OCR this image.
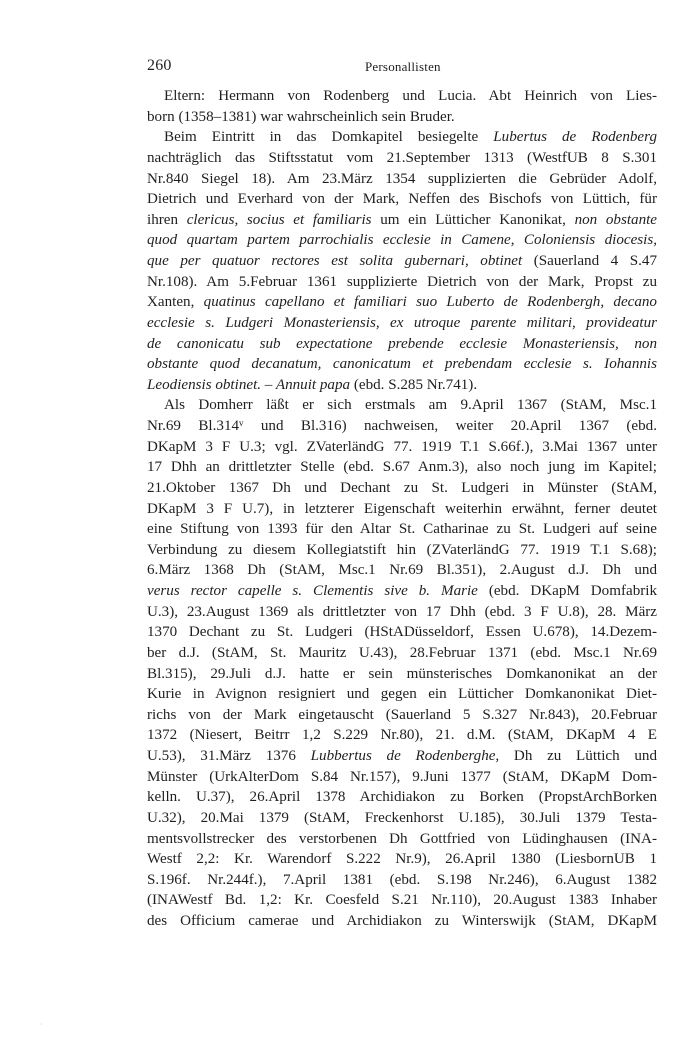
260	Personallisten
Eltern: Hermann von Rodenberg und Lucia. Abt Heinrich von Lies-
born (1358–1381) war wahrscheinlich sein Bruder.
Beim Eintritt in das Domkapitel besiegelte Lubertus de Rodenberg
nachträglich das Stiftsstatut vom 21.September 1313 (WestfUB 8 S.301
Nr.840 Siegel 18). Am 23.März 1354 supplizierten die Gebrüder Adolf,
Dietrich und Everhard von der Mark, Neffen des Bischofs von Lüttich, für
ihren clericus, socius et familiaris um ein Lütticher Kanonikat, non obstante
quod quartam partem parrochialis ecclesie in Camene, Coloniensis diocesis,
que per quatuor rectores est solita gubernari, obtinet (Sauerland 4 S.47
Nr.108). Am 5.Februar 1361 supplizierte Dietrich von der Mark, Propst zu
Xanten, quatinus capellano et familiari suo Luberto de Rodenbergh, decano
ecclesie s. Ludgeri Monasteriensis, ex utroque parente militari, provideatur
de canonicatu sub expectatione prebende ecclesie Monasteriensis, non
obstante quod decanatum, canonicatum et prebendam ecclesie s. Iohannis
Leodiensis obtinet. – Annuit papa (ebd. S.285 Nr.741).
Als Domherr läßt er sich erstmals am 9.April 1367 (StAM, Msc.1
Nr.69 Bl.314ᵛ und Bl.316) nachweisen, weiter 20.April 1367 (ebd.
DKapM 3 F U.3; vgl. ZVaterländG 77. 1919 T.1 S.66f.), 3.Mai 1367 unter
17 Dhh an drittletzter Stelle (ebd. S.67 Anm.3), also noch jung im Kapitel;
21.Oktober 1367 Dh und Dechant zu St. Ludgeri in Münster (StAM,
DKapM 3 F U.7), in letzterer Eigenschaft weiterhin erwähnt, ferner deutet
eine Stiftung von 1393 für den Altar St. Catharinae zu St. Ludgeri auf seine
Verbindung zu diesem Kollegiatstift hin (ZVaterländG 77. 1919 T.1 S.68);
6.März 1368 Dh (StAM, Msc.1 Nr.69 Bl.351), 2.August d.J. Dh und
verus rector capelle s. Clementis sive b. Marie (ebd. DKapM Domfabrik
U.3), 23.August 1369 als drittletzter von 17 Dhh (ebd. 3 F U.8), 28. März
1370 Dechant zu St. Ludgeri (HStADüsseldorf, Essen U.678), 14.Dezem-
ber d.J. (StAM, St. Mauritz U.43), 28.Februar 1371 (ebd. Msc.1 Nr.69
Bl.315), 29.Juli d.J. hatte er sein münsterisches Domkanonikat an der
Kurie in Avignon resigniert und gegen ein Lütticher Domkanonikat Diet-
richs von der Mark eingetauscht (Sauerland 5 S.327 Nr.843), 20.Februar
1372 (Niesert, Beitrr 1,2 S.229 Nr.80), 21. d.M. (StAM, DKapM 4 E
U.53), 31.März 1376 Lubbertus de Rodenberghe, Dh zu Lüttich und
Münster (UrkAlterDom S.84 Nr.157), 9.Juni 1377 (StAM, DKapM Dom-
kelln. U.37), 26.April 1378 Archidiakon zu Borken (PropstArchBorken
U.32), 20.Mai 1379 (StAM, Freckenhorst U.185), 30.Juli 1379 Testa-
mentsvollstrecker des verstorbenen Dh Gottfried von Lüdinghausen (INA-
Westf 2,2: Kr. Warendorf S.222 Nr.9), 26.April 1380 (LiesbornUB 1
S.196f. Nr.244f.), 7.April 1381 (ebd. S.198 Nr.246), 6.August 1382
(INAWestf Bd. 1,2: Kr. Coesfeld S.21 Nr.110), 20.August 1383 Inhaber
des Officium camerae und Archidiakon zu Winterswijk (StAM, DKapM
·
